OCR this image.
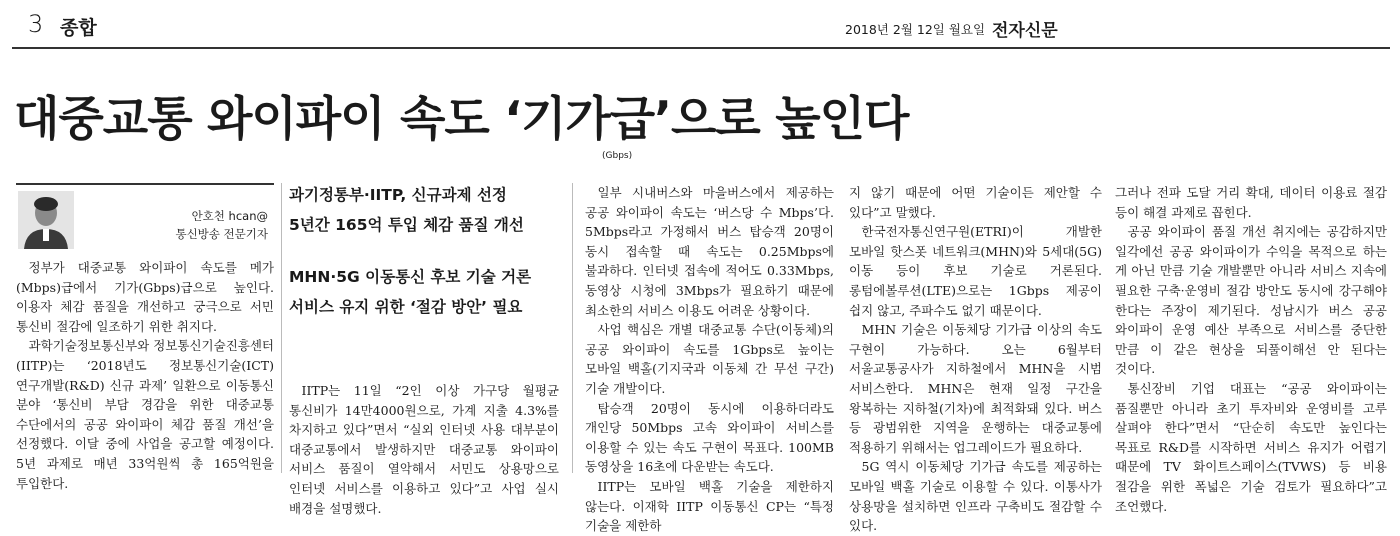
3 종합	2018년 2월 12일 월요일 전자신문
대중교통 와이파이 속도 ‘기가급’으로 높인다
(Gbps)
안호천 hcan@
통신방송 전문기자

정부가 대중교통 와이파이 속도를 메가(Mbps)급에서 기가(Gbps)급으로 높인다. 이용자 체감 품질을 개선하고 궁극으로 서민 통신비 절감에 일조하기 위한 취지다.

과학기술정보통신부와 정보통신기술진흥센터(IITP)는 ‘2018년도 정보통신기술(ICT) 연구개발(R&D) 신규 과제’ 일환으로 이동통신 분야 ‘통신비 부담 경감을 위한 대중교통 수단에서의 공공 와이파이 체감 품질 개선’을 선정했다. 이달 중에 사업을 공고할 예정이다. 5년 과제로 매년 33억원씩 총 165억원을 투입한다.

과기정통부·IITP, 신규과제 선정
5년간 165억 투입 체감 품질 개선
MHN·5G 이동통신 후보 기술 거론
서비스 유지 위한 ‘절감 방안’ 필요

IITP는 11일 “2인 이상 가구당 월평균 통신비가 14만4000원으로, 가계 지출 4.3%를 차지하고 있다”면서 “실외 인터넷 사용 대부분이 대중교통에서 발생하지만 대중교통 와이파이 서비스 품질이 열악해서 서민도 상용망으로 인터넷 서비스를 이용하고 있다”고 사업 실시 배경을 설명했다.

일부 시내버스와 마을버스에서 제공하는 공공 와이파이 속도는 ‘버스당 수 Mbps’다. 5Mbps라고 가정해서 버스 탑승객 20명이 동시 접속할 때 속도는 0.25Mbps에 불과하다. 인터넷 접속에 적어도 0.33Mbps, 동영상 시청에 3Mbps가 필요하기 때문에 최소한의 서비스 이용도 어려운 상황이다.

사업 핵심은 개별 대중교통 수단(이동체)의 공공 와이파이 속도를 1Gbps로 높이는 모바일 백홀(기지국과 이동체 간 무선 구간) 기술 개발이다.

탑승객 20명이 동시에 이용하더라도 개인당 50Mbps 고속 와이파이 서비스를 이용할 수 있는 속도 구현이 목표다. 100MB 동영상을 16초에 다운받는 속도다.

IITP는 모바일 백홀 기술을 제한하지 않는다. 이재학 IITP 이동통신 CP는 “특정 기술을 제한하

지 않기 때문에 어떤 기술이든 제안할 수 있다”고 말했다.

한국전자통신연구원(ETRI)이 개발한 모바일 핫스폿 네트워크(MHN)와 5세대(5G) 이동 등이 후보 기술로 거론된다. 롱텀에볼루션(LTE)으로는 1Gbps 제공이 쉽지 않고, 주파수도 없기 때문이다.

MHN 기술은 이동체당 기가급 이상의 속도 구현이 가능하다. 오는 6월부터 서울교통공사가 지하철에서 MHN을 시범 서비스한다. MHN은 현재 일정 구간을 왕복하는 지하철(기차)에 최적화돼 있다. 버스 등 광범위한 지역을 운행하는 대중교통에 적용하기 위해서는 업그레이드가 필요하다.

5G 역시 이동체당 기가급 속도를 제공하는 모바일 백홀 기술로 이용할 수 있다. 이통사가 상용망을 설치하면 인프라 구축비도 절감할 수 있다.

그러나 전파 도달 거리 확대, 데이터 이용료 절감 등이 해결 과제로 꼽힌다.

공공 와이파이 품질 개선 취지에는 공감하지만 일각에선 공공 와이파이가 수익을 목적으로 하는 게 아닌 만큼 기술 개발뿐만 아니라 서비스 지속에 필요한 구축·운영비 절감 방안도 동시에 강구해야 한다는 주장이 제기된다. 성남시가 버스 공공 와이파이 운영 예산 부족으로 서비스를 중단한 만큼 이 같은 현상을 되풀이해선 안 된다는 것이다.

통신장비 기업 대표는 “공공 와이파이는 품질뿐만 아니라 초기 투자비와 운영비를 고루 살펴야 한다”면서 “단순히 속도만 높인다는 목표로 R&D를 시작하면 서비스 유지가 어렵기 때문에 TV 화이트스페이스(TVWS) 등 비용 절감을 위한 폭넓은 기술 검토가 필요하다”고 조언했다.
